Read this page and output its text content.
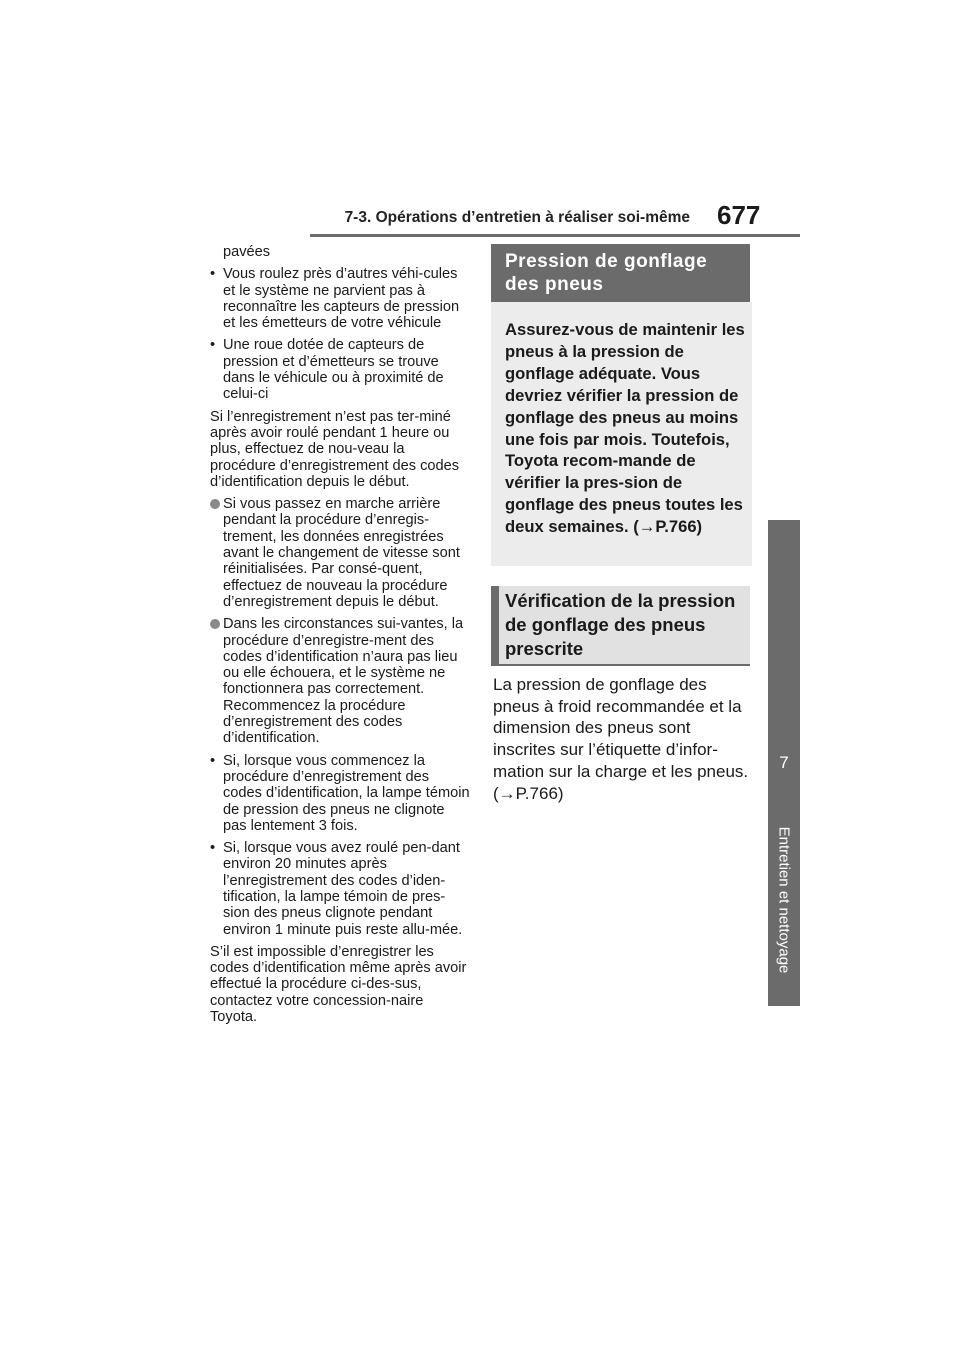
7-3. Opérations d’entretien à réaliser soi-même 677
7
Entretien et nettoyage

pavées

• Vous roulez près d’autres véhi-cules et le système ne parvient pas à reconnaître les capteurs de pression et les émetteurs de votre véhicule
• Une roue dotée de capteurs de pression et d’émetteurs se trouve dans le véhicule ou à proximité de celui-ci

Si l’enregistrement n’est pas ter-miné après avoir roulé pendant 1 heure ou plus, effectuez de nou-veau la procédure d’enregistrement des codes d’identification depuis le début.

Si vous passez en marche arrière pendant la procédure d’enregis-trement, les données enregistrées avant le changement de vitesse sont réinitialisées. Par consé-quent, effectuez de nouveau la procédure d’enregistrement depuis le début.
Dans les circonstances sui-vantes, la procédure d’enregistre-ment des codes d’identification n’aura pas lieu ou elle échouera, et le système ne fonctionnera pas correctement. Recommencez la procédure d’enregistrement des codes d’identification.
• Si, lorsque vous commencez la procédure d’enregistrement des codes d’identification, la lampe témoin de pression des pneus ne clignote pas lentement 3 fois.
• Si, lorsque vous avez roulé pen-dant environ 20 minutes après l’enregistrement des codes d’iden-tification, la lampe témoin de pres-sion des pneus clignote pendant environ 1 minute puis reste allu-mée.

S’il est impossible d’enregistrer les codes d’identification même après avoir effectué la procédure ci-des-sus, contactez votre concession-naire Toyota.

Pression de gonflage des pneus
Assurez-vous de maintenir les pneus à la pression de gonflage adéquate. Vous devriez vérifier la pression de gonflage des pneus au moins une fois par mois. Toutefois, Toyota recom-mande de vérifier la pres-sion de gonflage des pneus toutes les deux semaines. (→P.766)
Vérification de la pression de gonflage des pneus prescrite
La pression de gonflage des pneus à froid recommandée et la dimension des pneus sont inscrites sur l’étiquette d’infor-mation sur la charge et les pneus. (→P.766)
